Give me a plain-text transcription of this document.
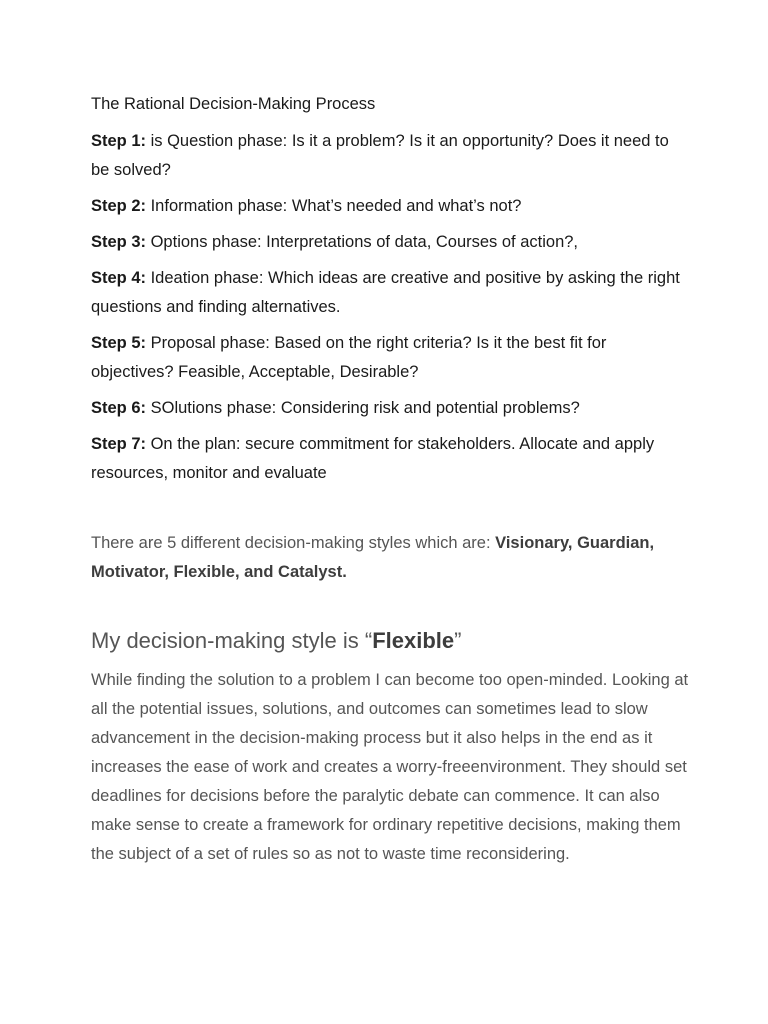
The Rational Decision-Making Process

Step 1: is Question phase: Is it a problem? Is it an opportunity? Does it need to be solved?

Step 2: Information phase: What’s needed and what’s not?

Step 3: Options phase: Interpretations of data, Courses of action?,

Step 4: Ideation phase: Which ideas are creative and positive by asking the right questions and finding alternatives.

Step 5: Proposal phase: Based on the right criteria? Is it the best fit for objectives? Feasible, Acceptable, Desirable?

Step 6: SOlutions phase: Considering risk and potential problems?

Step 7: On the plan: secure commitment for stakeholders. Allocate and apply resources, monitor and evaluate

There are 5 different decision-making styles which are: Visionary, Guardian, Motivator, Flexible, and Catalyst.

My decision-making style is “Flexible”

While finding the solution to a problem I can become too open-minded. Looking at all the potential issues, solutions, and outcomes can sometimes lead to slow advancement in the decision-making process but it also helps in the end as it increases the ease of work and creates a worry-freeenvironment. They should set deadlines for decisions before the paralytic debate can commence. It can also make sense to create a framework for ordinary repetitive decisions, making them the subject of a set of rules so as not to waste time reconsidering.
